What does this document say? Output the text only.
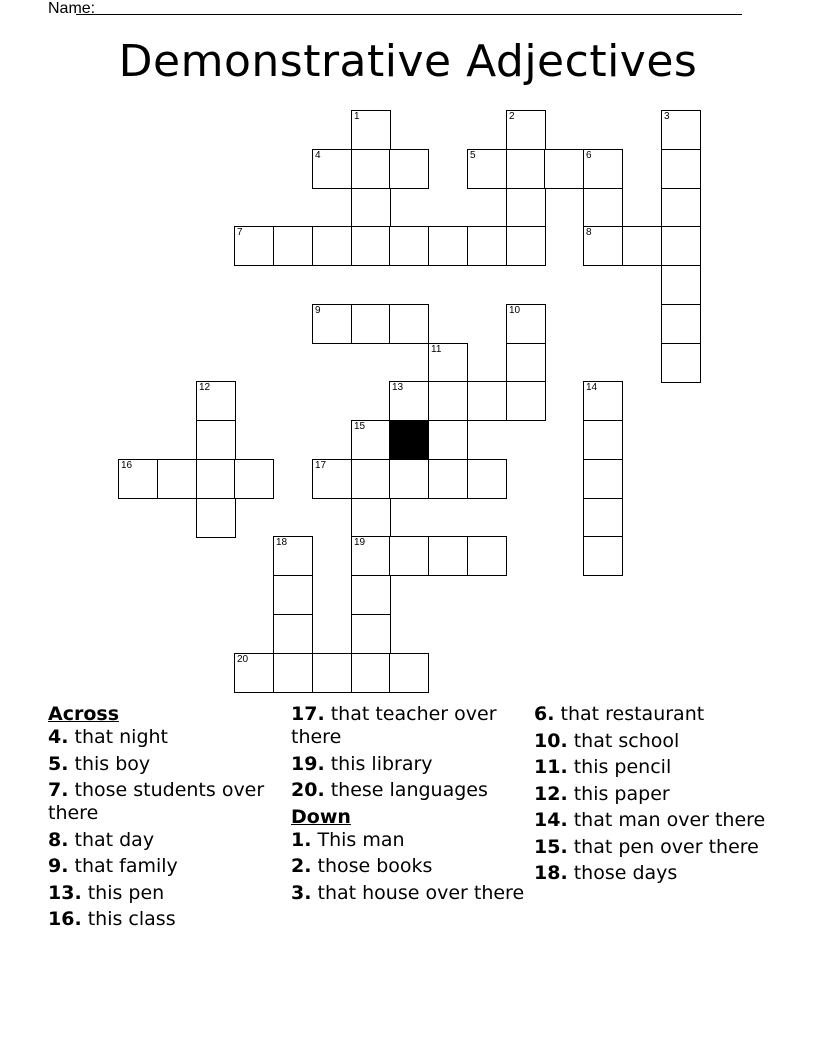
Name:
Demonstrative Adjectives
1	2	3
4	5	6
7	8
9	10
11
12	13	14
15
16	17
18	19
20
Across
4. that night
5. this boy
7. those students over there
8. that day
9. that family
13. this pen
16. this class
17. that teacher over there
19. this library
20. these languages
Down
1. This man
2. those books
3. that house over there
6. that restaurant
10. that school
11. this pencil
12. this paper
14. that man over there
15. that pen over there
18. those days
